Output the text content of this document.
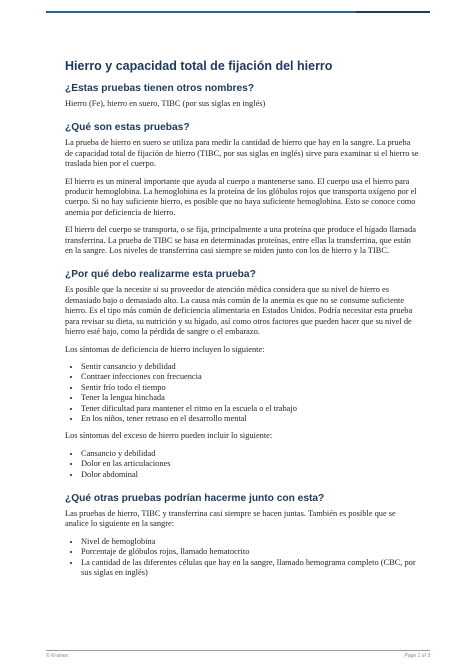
Hierro y capacidad total de fijación del hierro
¿Estas pruebas tienen otros nombres?

Hierro (Fe), hierro en suero, TIBC (por sus siglas en inglés)

¿Qué son estas pruebas?

La prueba de hierro en suero se utiliza para medir la cantidad de hierro que hay en la sangre. La prueba de capacidad total de fijación de hierro (TIBC, por sus siglas en inglés) sirve para examinar si el hierro se traslada bien por el cuerpo.

El hierro es un mineral importante que ayuda al cuerpo a mantenerse sano. El cuerpo usa el hierro para producir hemoglobina. La hemoglobina es la proteína de los glóbulos rojos que transporta oxígeno por el cuerpo. Si no hay suficiente hierro, es posible que no haya suficiente hemoglobina. Esto se conoce como anemia por deficiencia de hierro.

El hierro del cuerpo se transporta, o se fija, principalmente a una proteína que produce el hígado llamada transferrina. La prueba de TIBC se basa en determinadas proteínas, entre ellas la transferrina, que están en la sangre. Los niveles de transferrina casi siempre se miden junto con los de hierro y la TIBC.

¿Por qué debo realizarme esta prueba?

Es posible que la necesite si su proveedor de atención médica considera que su nivel de hierro es demasiado bajo o demasiado alto. La causa más común de la anemia es que no se consume suficiente hierro. Es el tipo más común de deficiencia alimentaria en Estados Unidos. Podría necesitar esta prueba para revisar su dieta, su nutrición y su hígado, así como otros factores que pueden hacer que su nivel de hierro esté bajo, como la pérdida de sangre o el embarazo.

Los síntomas de deficiencia de hierro incluyen lo siguiente:

• Sentir cansancio y debilidad
• Contraer infecciones con frecuencia
• Sentir frío todo el tiempo
• Tener la lengua hinchada
• Tener dificultad para mantener el ritmo en la escuela o el trabajo
• En los niños, tener retraso en el desarrollo mental

Los síntomas del exceso de hierro pueden incluir lo siguiente:

• Cansancio y debilidad
• Dolor en las articulaciones
• Dolor abdominal
¿Qué otras pruebas podrían hacerme junto con esta?

Las pruebas de hierro, TIBC y transferrina casi siempre se hacen juntas. También es posible que se analice lo siguiente en la sangre:

• Nivel de hemoglobina
• Porcentaje de glóbulos rojos, llamado hematocrito
• La cantidad de las diferentes células que hay en la sangre, llamado hemograma completo (CBC, por sus siglas en inglés)
© Krames	Page 1 of 3
